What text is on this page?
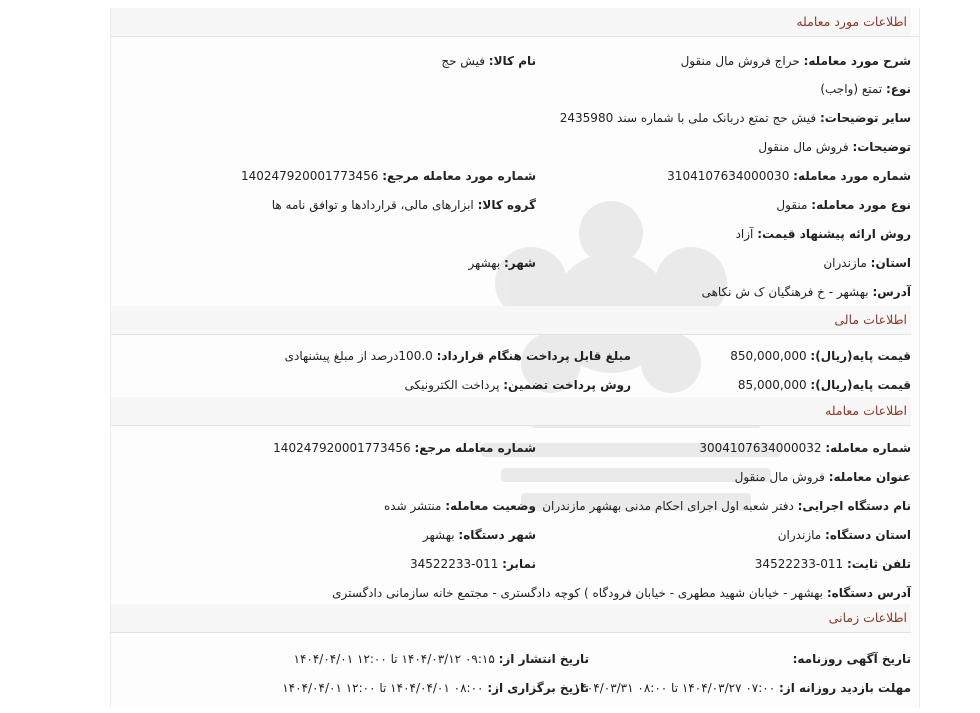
اطلاعات مورد معامله
شرح مورد معامله: حراج فروش مال منقول
نام کالا: فیش حج
نوع: تمتع (واجب)
سایر توضیحات: فیش حج تمتع دربانک ملی با شماره سند 2435980
توضیحات: فروش مال منقول
شماره مورد معامله: 3104107634000030
شماره مورد معامله مرجع: 140247920001773456
نوع مورد معامله: منقول
گروه کالا: ابزارهای مالی، قراردادها و توافق نامه ها
روش ارائه پیشنهاد قیمت: آزاد
استان: مازندران
شهر: بهشهر
آدرس: بهشهر - خ فرهنگیان ک ش نکاهی
اطلاعات مالی
قیمت پایه(ریال): 850,000,000
مبلغ قابل پرداخت هنگام قرارداد: 100.0درصد از مبلغ پیشنهادی
قیمت پایه(ریال): 85,000,000
روش پرداخت تضمین: پرداخت الکترونیکی
اطلاعات معامله
شماره معامله: 3004107634000032
شماره معامله مرجع: 140247920001773456
عنوان معامله: فروش مال منقول
نام دستگاه اجرایی: دفتر شعبه اول اجرای احکام مدنی بهشهر مازندران
وضعیت معامله: منتشر شده
استان دستگاه: مازندران
شهر دستگاه: بهشهر
تلفن ثابت: 011-34522233
نمابر: 011-34522233
آدرس دستگاه: بهشهر - خیابان شهید مطهری - خیابان فرودگاه ) کوچه دادگستری - مجتمع خانه سازمانی دادگستری
اطلاعات زمانی
تاریخ آگهی روزنامه:
تاریخ انتشار از: ۰۹:۱۵ ۱۴۰۴/۰۳/۱۲ تا ۱۲:۰۰ ۱۴۰۴/۰۴/۰۱
مهلت بازدید روزانه از: ۰۷:۰۰ ۱۴۰۴/۰۳/۲۷ تا ۰۸:۰۰ ۱۴۰۴/۰۳/۳۱
تاریخ برگزاری از: ۰۸:۰۰ ۱۴۰۴/۰۴/۰۱ تا ۱۲:۰۰ ۱۴۰۴/۰۴/۰۱
